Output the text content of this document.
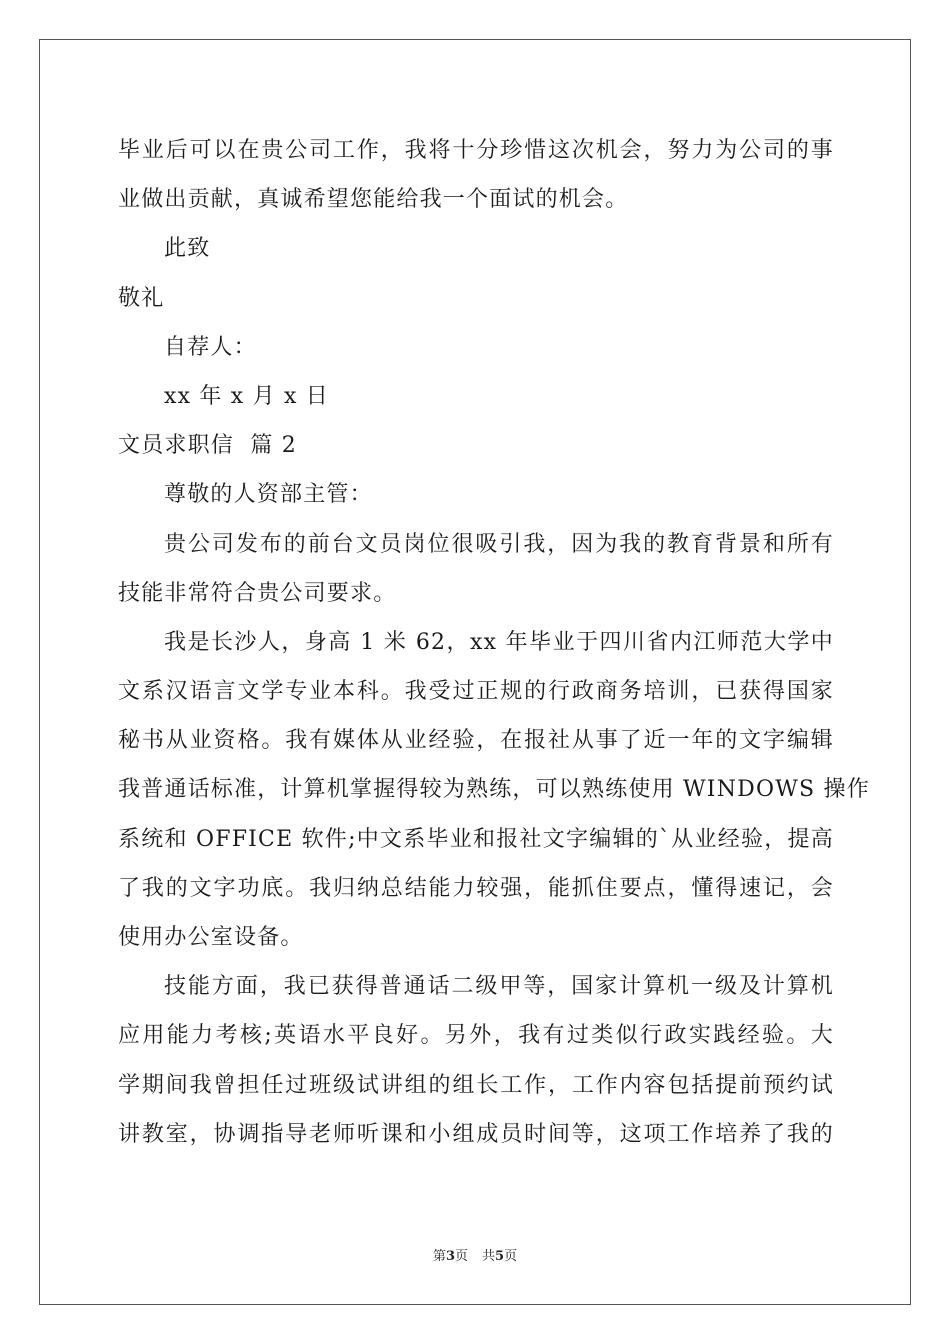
毕业后可以在贵公司工作，我将十分珍惜这次机会，努力为公司的事
业做出贡献，真诚希望您能给我一个面试的机会。
此致
敬礼
自荐人：
xx 年 x 月 x 日
文员求职信  篇 2
尊敬的人资部主管：
贵公司发布的前台文员岗位很吸引我，因为我的教育背景和所有
技能非常符合贵公司要求。
我是长沙人，身高 1 米 62，xx 年毕业于四川省内江师范大学中
文系汉语言文学专业本科。我受过正规的行政商务培训，已获得国家
秘书从业资格。我有媒体从业经验，在报社从事了近一年的文字编辑
我普通话标准，计算机掌握得较为熟练，可以熟练使用 WINDOWS 操作
系统和 OFFICE 软件;中文系毕业和报社文字编辑的`从业经验，提高
了我的文字功底。我归纳总结能力较强，能抓住要点，懂得速记，会
使用办公室设备。
技能方面，我已获得普通话二级甲等，国家计算机一级及计算机
应用能力考核;英语水平良好。另外，我有过类似行政实践经验。大
学期间我曾担任过班级试讲组的组长工作，工作内容包括提前预约试
讲教室，协调指导老师听课和小组成员时间等，这项工作培养了我的
第3页 共5页
